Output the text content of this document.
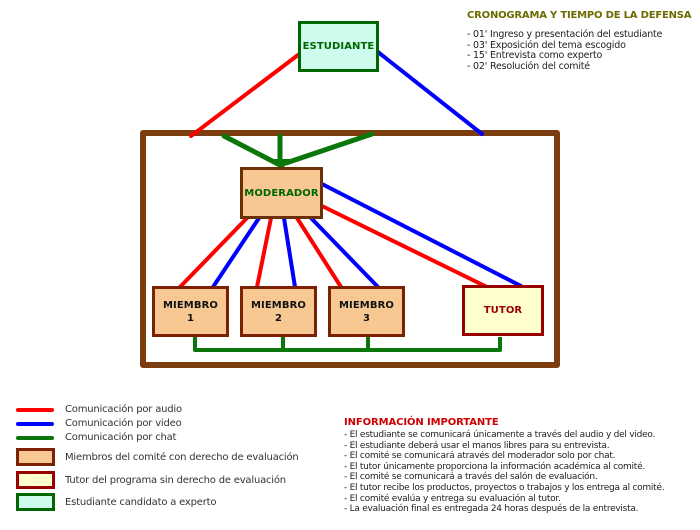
CRONOGRAMA Y TIEMPO DE LA DEFENSA
- 01' Ingreso y presentación del estudiante
- 03' Exposición del tema escogido
- 15' Entrevista como experto
- 02' Resolución del comité
ESTUDIANTE
MODERADOR
MIEMBRO
1
MIEMBRO
2
MIEMBRO
3
TUTOR
Comunicación por audio
Comunicación por video
Comunicación por chat
Miembros del comité con derecho de evaluación
Tutor del programa sin derecho de evaluación
Estudiante candidato a experto
INFORMACIÓN IMPORTANTE
- El estudiante se comunicará únicamente a través del audio y del video.
- El estudiante deberá usar el manos libres para su entrevista.
- El comité se comunicará através del moderador solo por chat.
- El tutor únicamente proporciona la información académica al comité.
- El comité se comunicará a través del salón de evaluación.
- El tutor recibe los productos, proyectos o trabajos y los entrega al comité.
- El comité evalúa y entrega su evaluación al tutor.
- La evaluación final es entregada 24 horas después de la entrevista.
